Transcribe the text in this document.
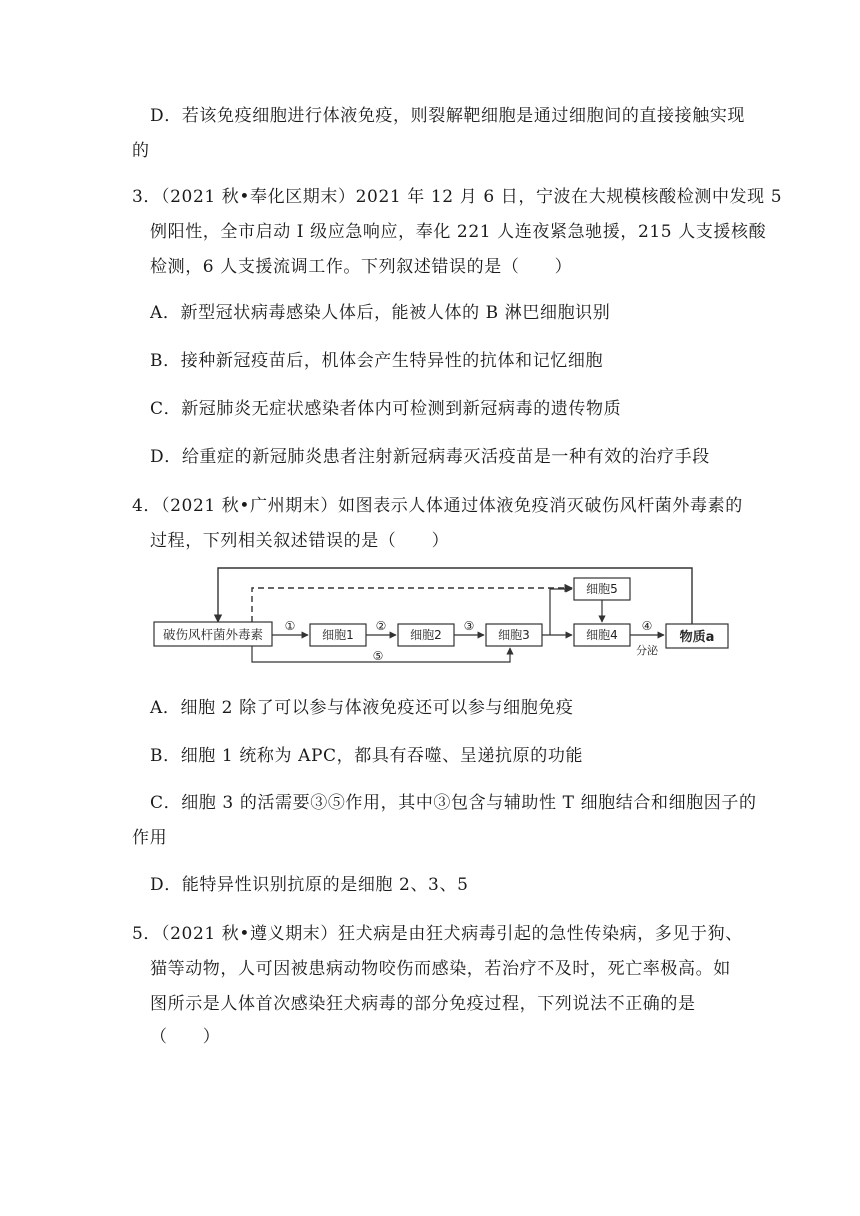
D．若该免疫细胞进行体液免疫，则裂解靶细胞是通过细胞间的直接接触实现
的
3．（2021 秋•奉化区期末）2021 年 12 月 6 日，宁波在大规模核酸检测中发现 5
例阳性，全市启动 I 级应急响应，奉化 221 人连夜紧急驰援，215 人支援核酸
检测，6 人支援流调工作。下列叙述错误的是（　　）
A．新型冠状病毒感染人体后，能被人体的 B 淋巴细胞识别
B．接种新冠疫苗后，机体会产生特异性的抗体和记忆细胞
C．新冠肺炎无症状感染者体内可检测到新冠病毒的遗传物质
D．给重症的新冠肺炎患者注射新冠病毒灭活疫苗是一种有效的治疗手段
4．（2021 秋•广州期末）如图表示人体通过体液免疫消灭破伤风杆菌外毒素的
过程，下列相关叙述错误的是（　　）
破伤风杆菌外毒素	细胞1	细胞2	细胞3	细胞4
细胞5
物质a
①	②	③	④
⑤	分泌
A．细胞 2 除了可以参与体液免疫还可以参与细胞免疫
B．细胞 1 统称为 APC，都具有吞噬、呈递抗原的功能
C．细胞 3 的活需要③⑤作用，其中③包含与辅助性 T 细胞结合和细胞因子的
作用
D．能特异性识别抗原的是细胞 2、3、5
5．（2021 秋•遵义期末）狂犬病是由狂犬病毒引起的急性传染病，多见于狗、
猫等动物，人可因被患病动物咬伤而感染，若治疗不及时，死亡率极高。如
图所示是人体首次感染狂犬病毒的部分免疫过程，下列说法不正确的是
（　　）
